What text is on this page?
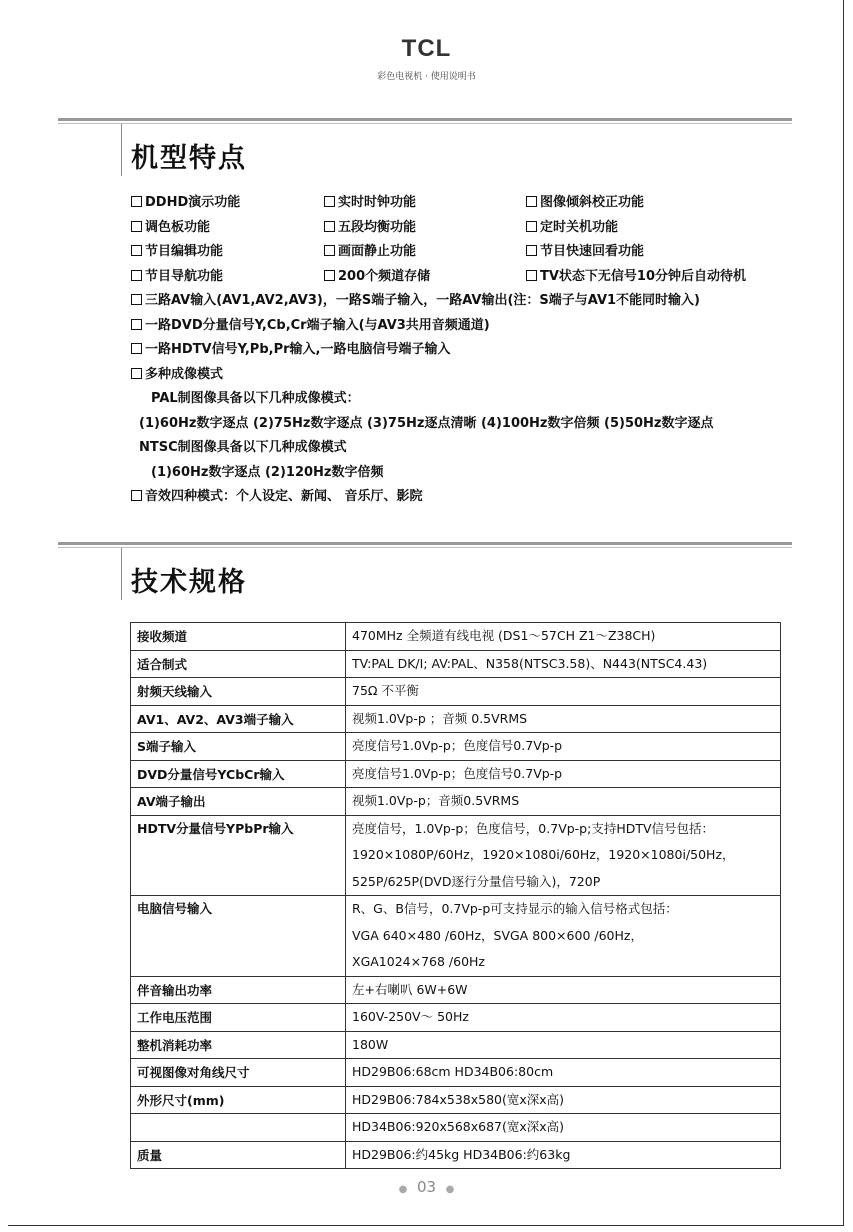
TCL
彩色电视机 · 使用说明书
机型特点
DDHD演示功能	实时时钟功能	图像倾斜校正功能
调色板功能	五段均衡功能	定时关机功能
节目编辑功能	画面静止功能	节目快速回看功能
节目导航功能	200个频道存储	TV状态下无信号10分钟后自动待机
三路AV输入(AV1,AV2,AV3)，一路S端子输入，一路AV输出(注：S端子与AV1不能同时输入)
一路DVD分量信号Y,Cb,Cr端子输入(与AV3共用音频通道)
一路HDTV信号Y,Pb,Pr输入,一路电脑信号端子输入
多种成像模式
PAL制图像具备以下几种成像模式：
(1)60Hz数字逐点 (2)75Hz数字逐点 (3)75Hz逐点清晰 (4)100Hz数字倍频 (5)50Hz数字逐点
NTSC制图像具备以下几种成像模式
(1)60Hz数字逐点 (2)120Hz数字倍频
音效四种模式：个人设定、新闻、 音乐厅、影院
技术规格
接收频道	470MHz 全频道有线电视 (DS1～57CH Z1～Z38CH)
适合制式	TV:PAL DK/I; AV:PAL、N358(NTSC3.58)、N443(NTSC4.43)
射频天线输入	75Ω 不平衡
AV1、AV2、AV3端子输入	视频1.0Vp-p ；音频 0.5VRMS
S端子输入	亮度信号1.0Vp-p；色度信号0.7Vp-p
DVD分量信号YCbCr输入	亮度信号1.0Vp-p；色度信号0.7Vp-p
AV端子输出	视频1.0Vp-p；音频0.5VRMS
HDTV分量信号YPbPr输入	亮度信号，1.0Vp-p；色度信号，0.7Vp-p;支持HDTV信号包括：
1920×1080P/60Hz，1920×1080i/60Hz，1920×1080i/50Hz，
525P/625P(DVD逐行分量信号输入)，720P

电脑信号输入	R、G、B信号，0.7Vp-p可支持显示的输入信号格式包括：
VGA 640×480 /60Hz，SVGA 800×600 /60Hz，
XGA1024×768 /60Hz

伴音输出功率	左+右喇叭 6W+6W
工作电压范围	160V-250V～ 50Hz
整机消耗功率	180W
可视图像对角线尺寸	HD29B06:68cm HD34B06:80cm
外形尺寸(mm)	HD29B06:784x538x580(宽x深x高)
	HD34B06:920x568x687(宽x深x高)
质量	HD29B06:约45kg HD34B06:约63kg
● 03 ●
